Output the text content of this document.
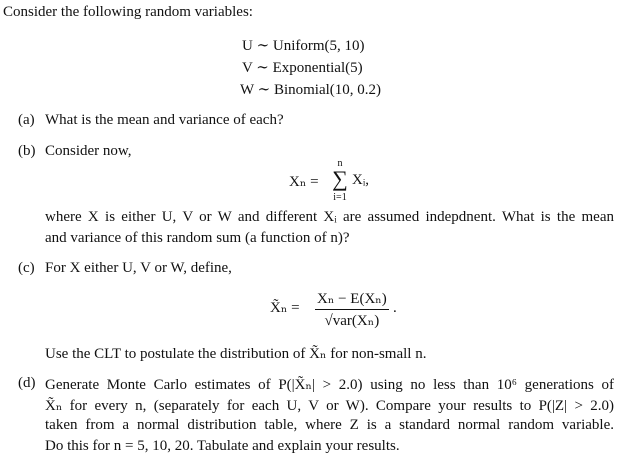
Consider the following random variables:
U ∼ Uniform(5, 10)
V ∼ Exponential(5)
W ∼ Binomial(10, 0.2)
(a) What is the mean and variance of each?
(b) Consider now,
Xₙ =
n
∑
i=1
Xᵢ,
where X is either U, V or W and different Xᵢ are assumed indepdnent. What is the mean
and variance of this random sum (a function of n)?
(c) For X either U, V or W, define,
X̃ₙ =
Xₙ − E(Xₙ)
√var(Xₙ)
.
Use the CLT to postulate the distribution of X̃ₙ for non-small n.
(d) Generate Monte Carlo estimates of P(|X̃ₙ| > 2.0) using no less than 10⁶ generations of
X̃ₙ for every n, (separately for each U, V or W). Compare your results to P(|Z| > 2.0)
taken from a normal distribution table, where Z is a standard normal random variable.
Do this for n = 5, 10, 20. Tabulate and explain your results.
